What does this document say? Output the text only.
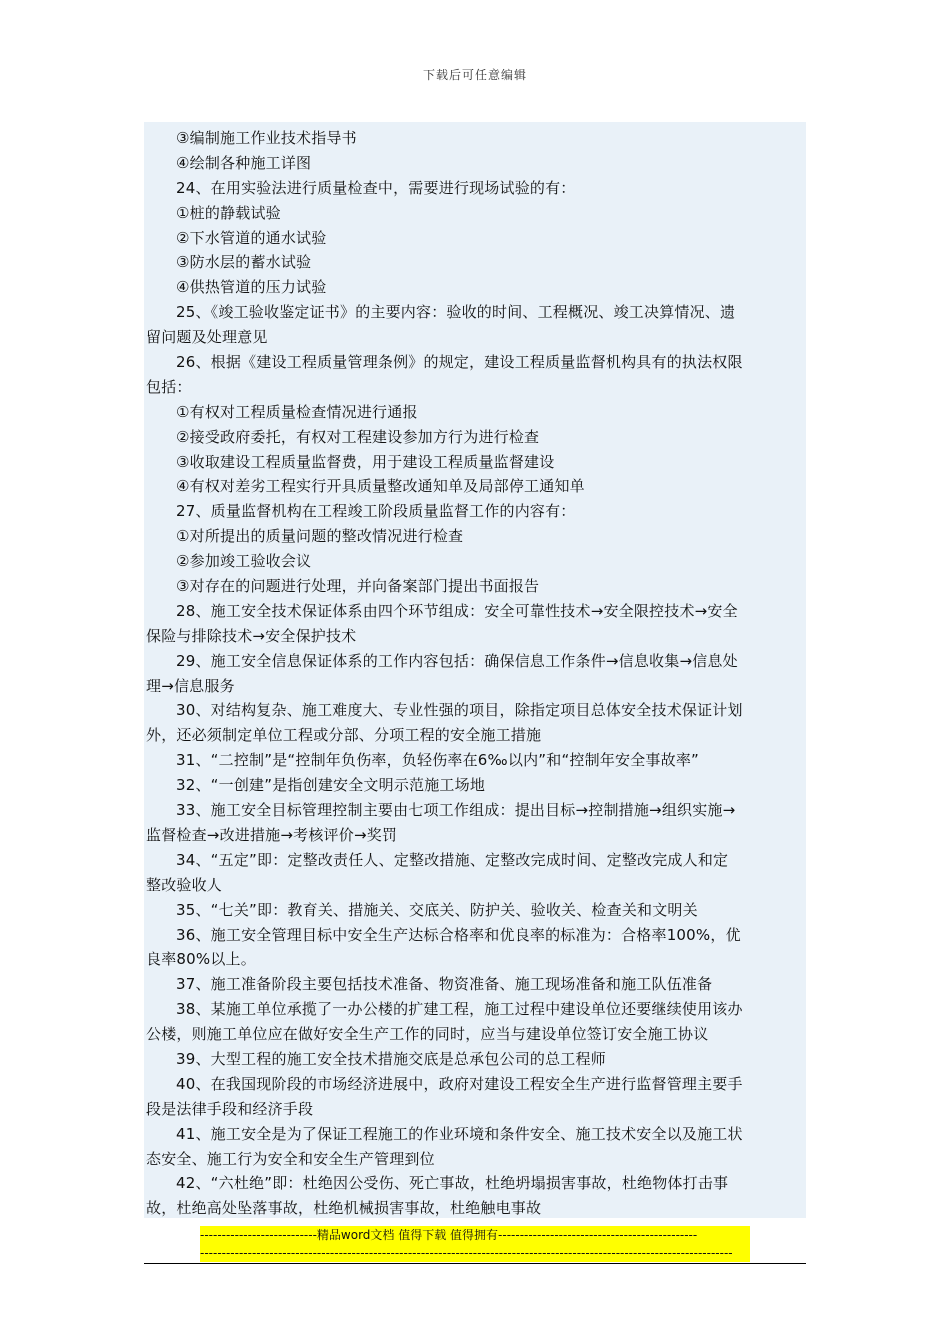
下载后可任意编辑
③编制施工作业技术指导书
④绘制各种施工详图
24、在用实验法进行质量检查中，需要进行现场试验的有：
①桩的静载试验
②下水管道的通水试验
③防水层的蓄水试验
④供热管道的压力试验
25、《竣工验收鉴定证书》的主要内容：验收的时间、工程概况、竣工决算情况、遗
留问题及处理意见
26、根据《建设工程质量管理条例》的规定，建设工程质量监督机构具有的执法权限
包括：
①有权对工程质量检查情况进行通报
②接受政府委托，有权对工程建设参加方行为进行检查
③收取建设工程质量监督费，用于建设工程质量监督建设
④有权对差劣工程实行开具质量整改通知单及局部停工通知单
27、质量监督机构在工程竣工阶段质量监督工作的内容有：
①对所提出的质量问题的整改情况进行检查
②参加竣工验收会议
③对存在的问题进行处理，并向备案部门提出书面报告
28、施工安全技术保证体系由四个环节组成：安全可靠性技术→安全限控技术→安全
保险与排除技术→安全保护技术
29、施工安全信息保证体系的工作内容包括：确保信息工作条件→信息收集→信息处
理→信息服务
30、对结构复杂、施工难度大、专业性强的项目，除指定项目总体安全技术保证计划
外，还必须制定单位工程或分部、分项工程的安全施工措施
31、“二控制”是“控制年负伤率，负轻伤率在6‰以内”和“控制年安全事故率”
32、“一创建”是指创建安全文明示范施工场地
33、施工安全目标管理控制主要由七项工作组成：提出目标→控制措施→组织实施→
监督检查→改进措施→考核评价→奖罚
34、“五定”即：定整改责任人、定整改措施、定整改完成时间、定整改完成人和定
整改验收人
35、“七关”即：教育关、措施关、交底关、防护关、验收关、检查关和文明关
36、施工安全管理目标中安全生产达标合格率和优良率的标准为：合格率100%，优
良率80%以上。
37、施工准备阶段主要包括技术准备、物资准备、施工现场准备和施工队伍准备
38、某施工单位承揽了一办公楼的扩建工程，施工过程中建设单位还要继续使用该办
公楼，则施工单位应在做好安全生产工作的同时，应当与建设单位签订安全施工协议
39、大型工程的施工安全技术措施交底是总承包公司的总工程师
40、在我国现阶段的市场经济进展中，政府对建设工程安全生产进行监督管理主要手
段是法律手段和经济手段
41、施工安全是为了保证工程施工的作业环境和条件安全、施工技术安全以及施工状
态安全、施工行为安全和安全生产管理到位
42、“六杜绝”即：杜绝因公受伤、死亡事故，杜绝坍塌损害事故，杜绝物体打击事
故，杜绝高处坠落事故，杜绝机械损害事故，杜绝触电事故
---------------------------精品word文档 值得下载 值得拥有----------------------------------------------
---------------------------------------------------------------------------------------------------------------------------
